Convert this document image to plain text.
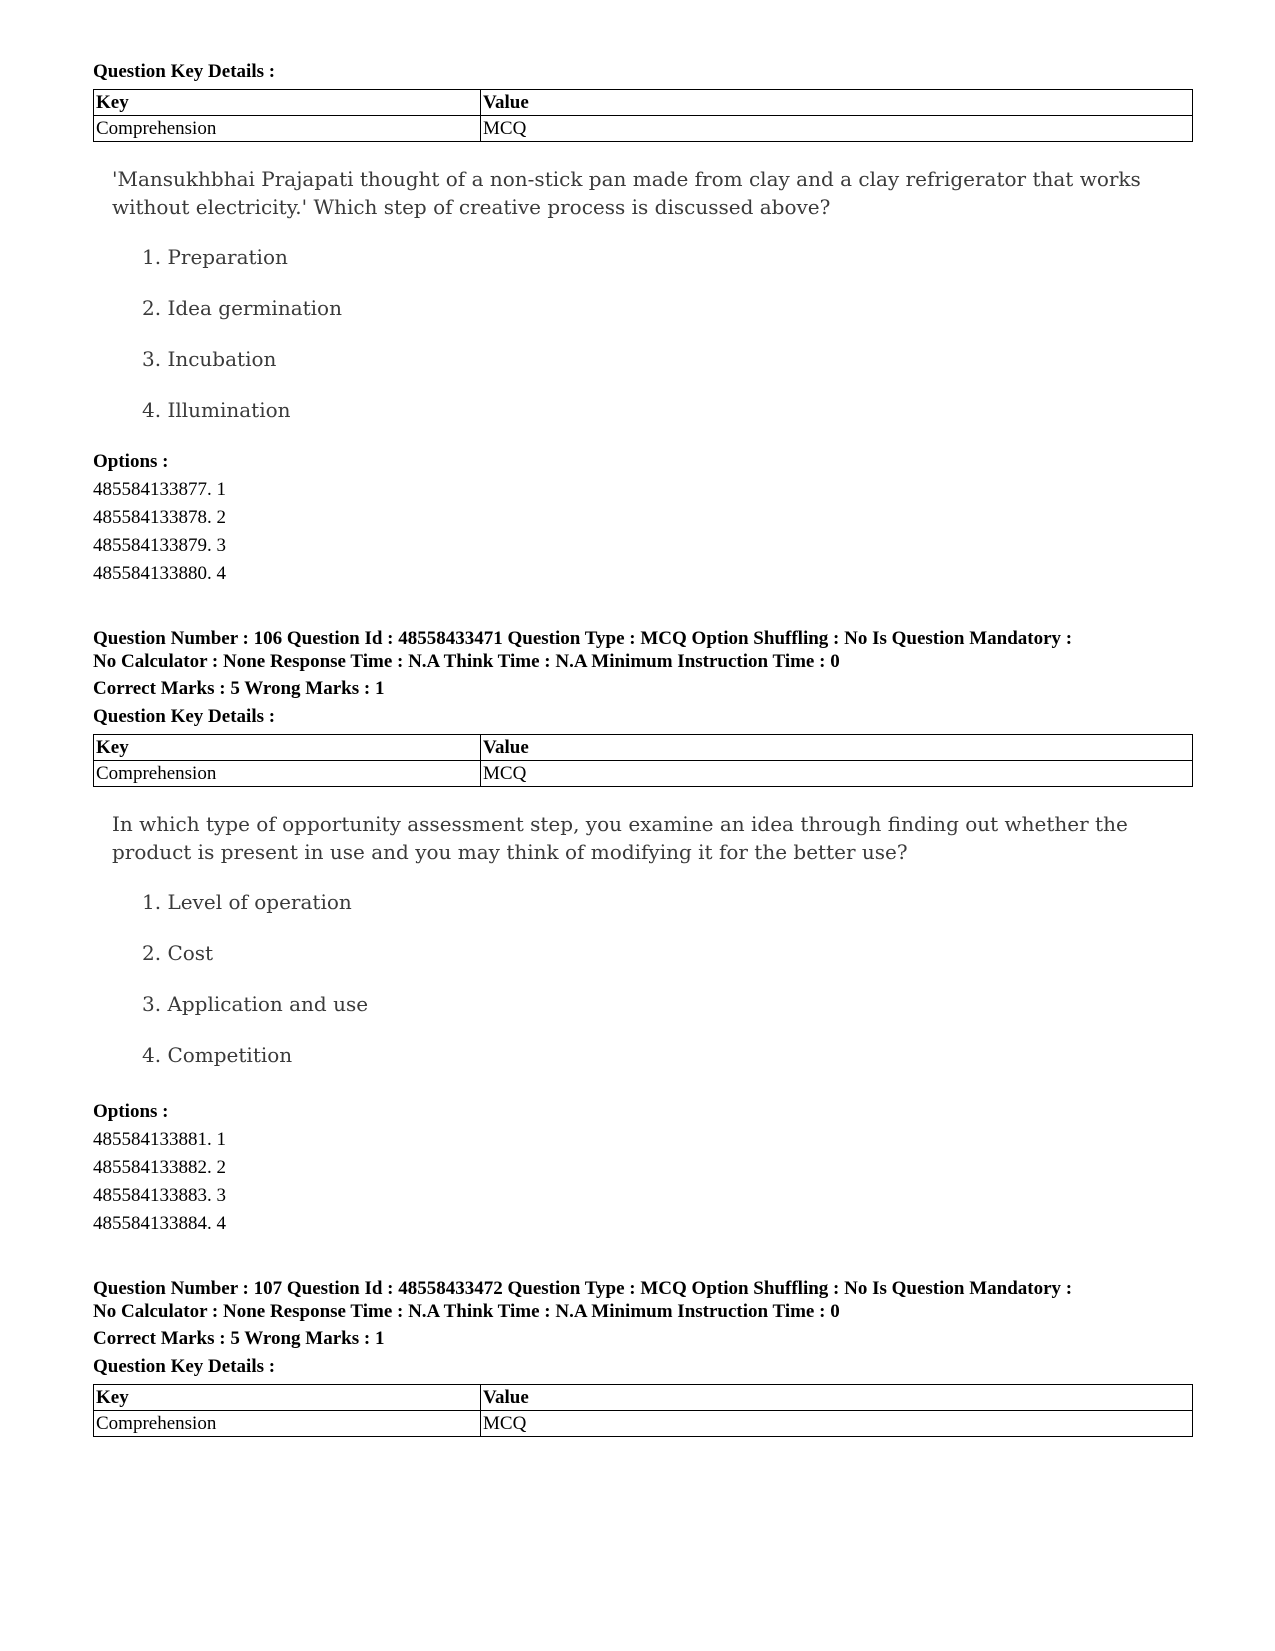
Question Key Details :
Key	Value
Comprehension	MCQ

'Mansukhbhai Prajapati thought of a non-stick pan made from clay and a clay refrigerator that works without electricity.' Which step of creative process is discussed above?

1. Preparation
2. Idea germination
3. Incubation
4. Illumination
Options :
485584133877. 1
485584133878. 2
485584133879. 3
485584133880. 4
Question Number : 106 Question Id : 48558433471 Question Type : MCQ Option Shuffling : No Is Question Mandatory :
No Calculator : None Response Time : N.A Think Time : N.A Minimum Instruction Time : 0
Correct Marks : 5 Wrong Marks : 1
Question Key Details :
Key	Value
Comprehension	MCQ

In which type of opportunity assessment step, you examine an idea through finding out whether the product is present in use and you may think of modifying it for the better use?

1. Level of operation
2. Cost
3. Application and use
4. Competition
Options :
485584133881. 1
485584133882. 2
485584133883. 3
485584133884. 4
Question Number : 107 Question Id : 48558433472 Question Type : MCQ Option Shuffling : No Is Question Mandatory :
No Calculator : None Response Time : N.A Think Time : N.A Minimum Instruction Time : 0
Correct Marks : 5 Wrong Marks : 1
Question Key Details :
Key	Value
Comprehension	MCQ
